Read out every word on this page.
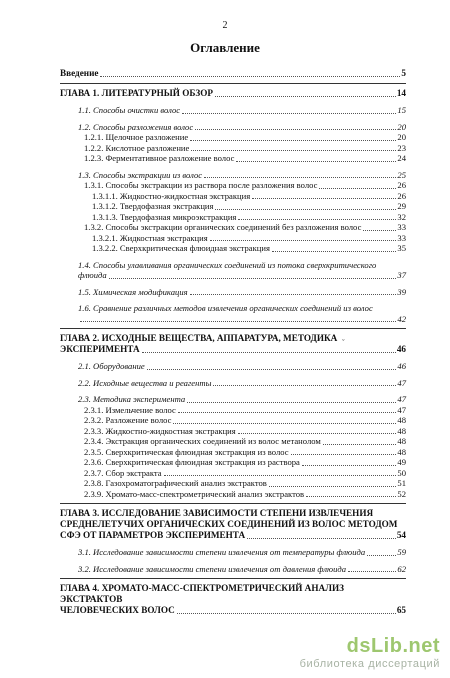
2
Оглавление
Введение	5
ГЛАВА 1. ЛИТЕРАТУРНЫЙ ОБЗОР	14
1.1. Способы очистки волос	15
1.2. Способы разложения волос	20
1.2.1. Щелочное разложение	20
1.2.2. Кислотное разложение	23
1.2.3. Ферментативное разложение волос	24
1.3. Способы экстракции из волос	25
1.3.1. Способы экстракции из раствора после разложения волос	26
1.3.1.1. Жидкостно-жидкостная экстракция	26
1.3.1.2. Твердофазная экстракция	29
1.3.1.3. Твердофазная микроэкстракция	32
1.3.2. Способы экстракции органических соединений без разложения волос	33
1.3.2.1. Жидкостная экстракция	33
1.3.2.2. Сверхкритическая флюидная экстракция	35
1.4. Способы улавливания органических соединений из потока сверхкритического
флюида	37
1.5. Химическая модификация	39
1.6. Сравнение различных методов извлечения органических соединений из волос
42
ГЛАВА 2. ИСХОДНЫЕ ВЕЩЕСТВА, АППАРАТУРА, МЕТОДИКА
ЭКСПЕРИМЕНТА	46
2.1. Оборудование	46
2.2. Исходные вещества и реагенты	47
2.3. Методика эксперимента	47
2.3.1. Измельчение волос	47
2.3.2. Разложение волос	48
2.3.3. Жидкостно-жидкостная экстракция	48
2.3.4. Экстракция органических соединений из волос метанолом	48
2.3.5. Сверхкритическая флюидная экстракция из волос	48
2.3.6. Сверхкритическая флюидная экстракция из раствора	49
2.3.7. Сбор экстракта	50
2.3.8. Газохроматографический анализ экстрактов	51
2.3.9. Хромато-масс-спектрометрический анализ экстрактов	52
ГЛАВА 3. ИССЛЕДОВАНИЕ ЗАВИСИМОСТИ СТЕПЕНИ ИЗВЛЕЧЕНИЯ
СРЕДНЕЛЕТУЧИХ ОРГАНИЧЕСКИХ СОЕДИНЕНИЙ ИЗ ВОЛОС МЕТОДОМ
СФЭ ОТ ПАРАМЕТРОВ ЭКСПЕРИМЕНТА	54
3.1. Исследование зависимости степени извлечения от температуры флюида	59
3.2. Исследование зависимости степени извлечения от давления флюида	62
ГЛАВА 4. ХРОМАТО-МАСС-СПЕКТРОМЕТРИЧЕСКИЙ АНАЛИЗ ЭКСТРАКТОВ
ЧЕЛОВЕЧЕСКИХ ВОЛОС	65
ˇ
dsLib.net
библиотека диссертаций
